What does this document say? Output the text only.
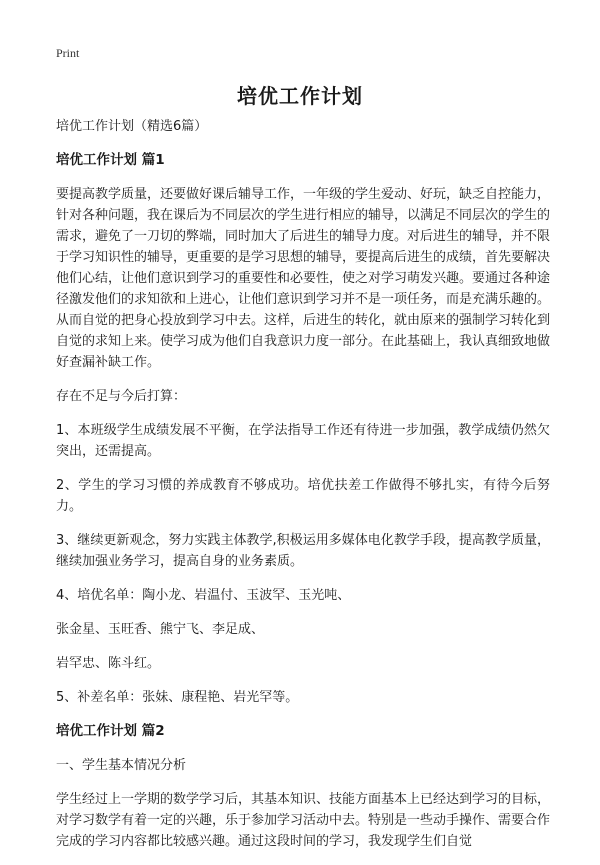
Print
培优工作计划

培优工作计划（精选6篇）

培优工作计划 篇1

要提高教学质量，还要做好课后辅导工作，一年级的学生爱动、好玩，缺乏自控能力，针对各种问题，我在课后为不同层次的学生进行相应的辅导，以满足不同层次的学生的需求，避免了一刀切的弊端，同时加大了后进生的辅导力度。对后进生的辅导，并不限于学习知识性的辅导，更重要的是学习思想的辅导，要提高后进生的成绩，首先要解决他们心结，让他们意识到学习的重要性和必要性，使之对学习萌发兴趣。要通过各种途径激发他们的求知欲和上进心，让他们意识到学习并不是一项任务，而是充满乐趣的。从而自觉的把身心投放到学习中去。这样，后进生的转化，就由原来的强制学习转化到自觉的求知上来。使学习成为他们自我意识力度一部分。在此基础上，我认真细致地做好查漏补缺工作。

存在不足与今后打算：

1、本班级学生成绩发展不平衡，在学法指导工作还有待进一步加强，教学成绩仍然欠突出，还需提高。

2、学生的学习习惯的养成教育不够成功。培优扶差工作做得不够扎实，有待今后努力。

3、继续更新观念，努力实践主体教学,积极运用多媒体电化教学手段，提高教学质量，继续加强业务学习，提高自身的业务素质。

4、培优名单：陶小龙、岩温付、玉波罕、玉光吨、

张金星、玉旺香、熊宁飞、李足成、

岩罕忠、陈斗红。

5、补差名单：张妹、康程艳、岩光罕等。

培优工作计划 篇2

一、学生基本情况分析

学生经过上一学期的数学学习后，其基本知识、技能方面基本上已经达到学习的目标，对学习数学有着一定的兴趣，乐于参加学习活动中去。特别是一些动手操作、需要合作完成的学习内容都比较感兴趣。通过这段时间的学习，我发现学生们自觉
